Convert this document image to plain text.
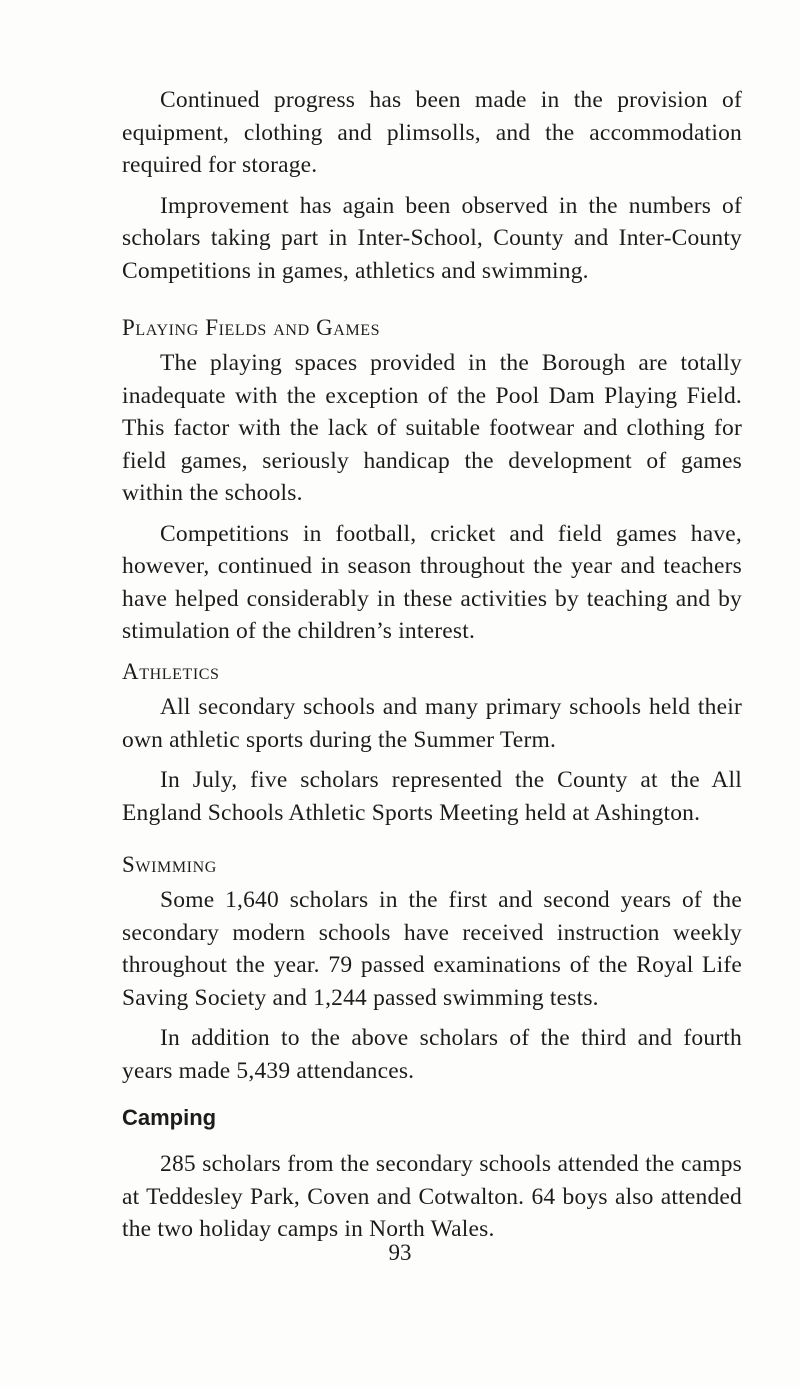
Continued progress has been made in the provision of equipment, clothing and plimsolls, and the accommodation required for storage.

Improvement has again been observed in the numbers of scholars taking part in Inter-School, County and Inter-County Competitions in games, athletics and swimming.

Playing Fields and Games

The playing spaces provided in the Borough are totally inadequate with the exception of the Pool Dam Playing Field. This factor with the lack of suitable footwear and clothing for field games, seriously handicap the development of games within the schools.

Competitions in football, cricket and field games have, however, continued in season throughout the year and teachers have helped considerably in these activities by teaching and by stimulation of the children’s interest.

Athletics

All secondary schools and many primary schools held their own athletic sports during the Summer Term.

In July, five scholars represented the County at the All England Schools Athletic Sports Meeting held at Ashington.

Swimming

Some 1,640 scholars in the first and second years of the secondary modern schools have received instruction weekly throughout the year. 79 passed examinations of the Royal Life Saving Society and 1,244 passed swimming tests.

In addition to the above scholars of the third and fourth years made 5,439 attendances.

Camping

285 scholars from the secondary schools attended the camps at Teddesley Park, Coven and Cotwalton. 64 boys also attended the two holiday camps in North Wales.

93
